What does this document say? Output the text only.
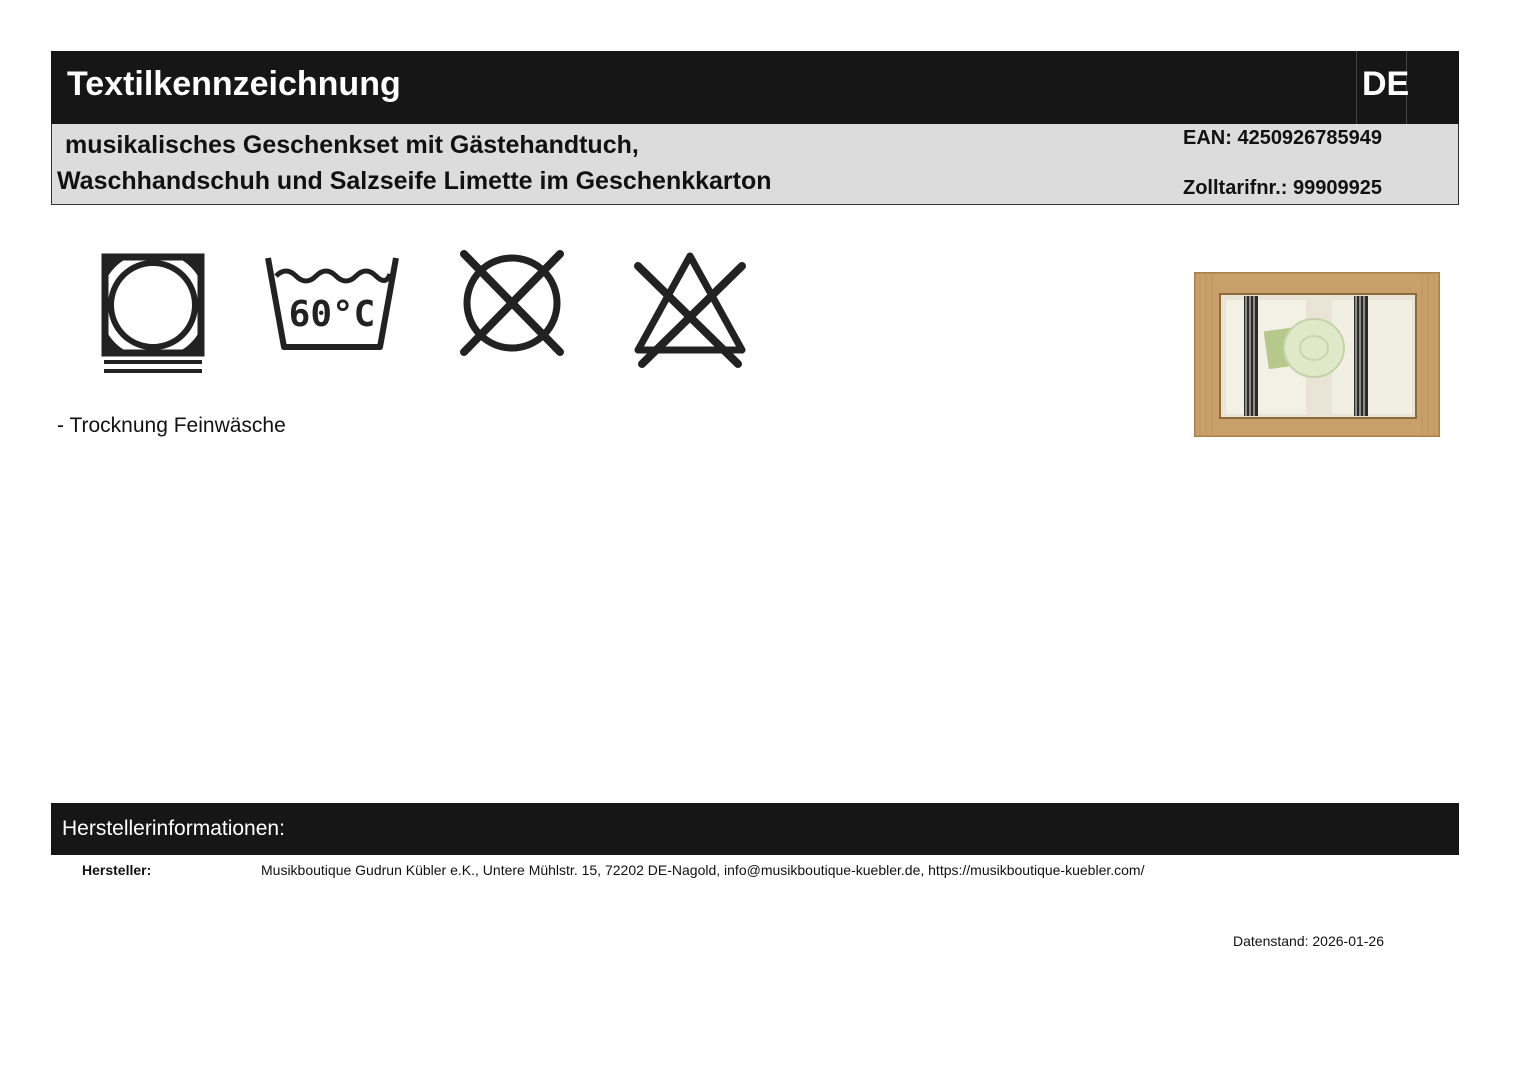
Textilkennzeichnung	DE
musikalisches Geschenkset mit Gästehandtuch,
Waschhandschuh und Salzseife Limette im Geschenkkarton
EAN: 4250926785949
Zolltarifnr.: 99909925
60°C
- Trocknung Feinwäsche
Herstellerinformationen:
Hersteller:	Musikboutique Gudrun Kübler e.K., Untere Mühlstr. 15, 72202 DE-Nagold, info@musikboutique-kuebler.de, https://musikboutique-kuebler.com/
Datenstand: 2026-01-26
